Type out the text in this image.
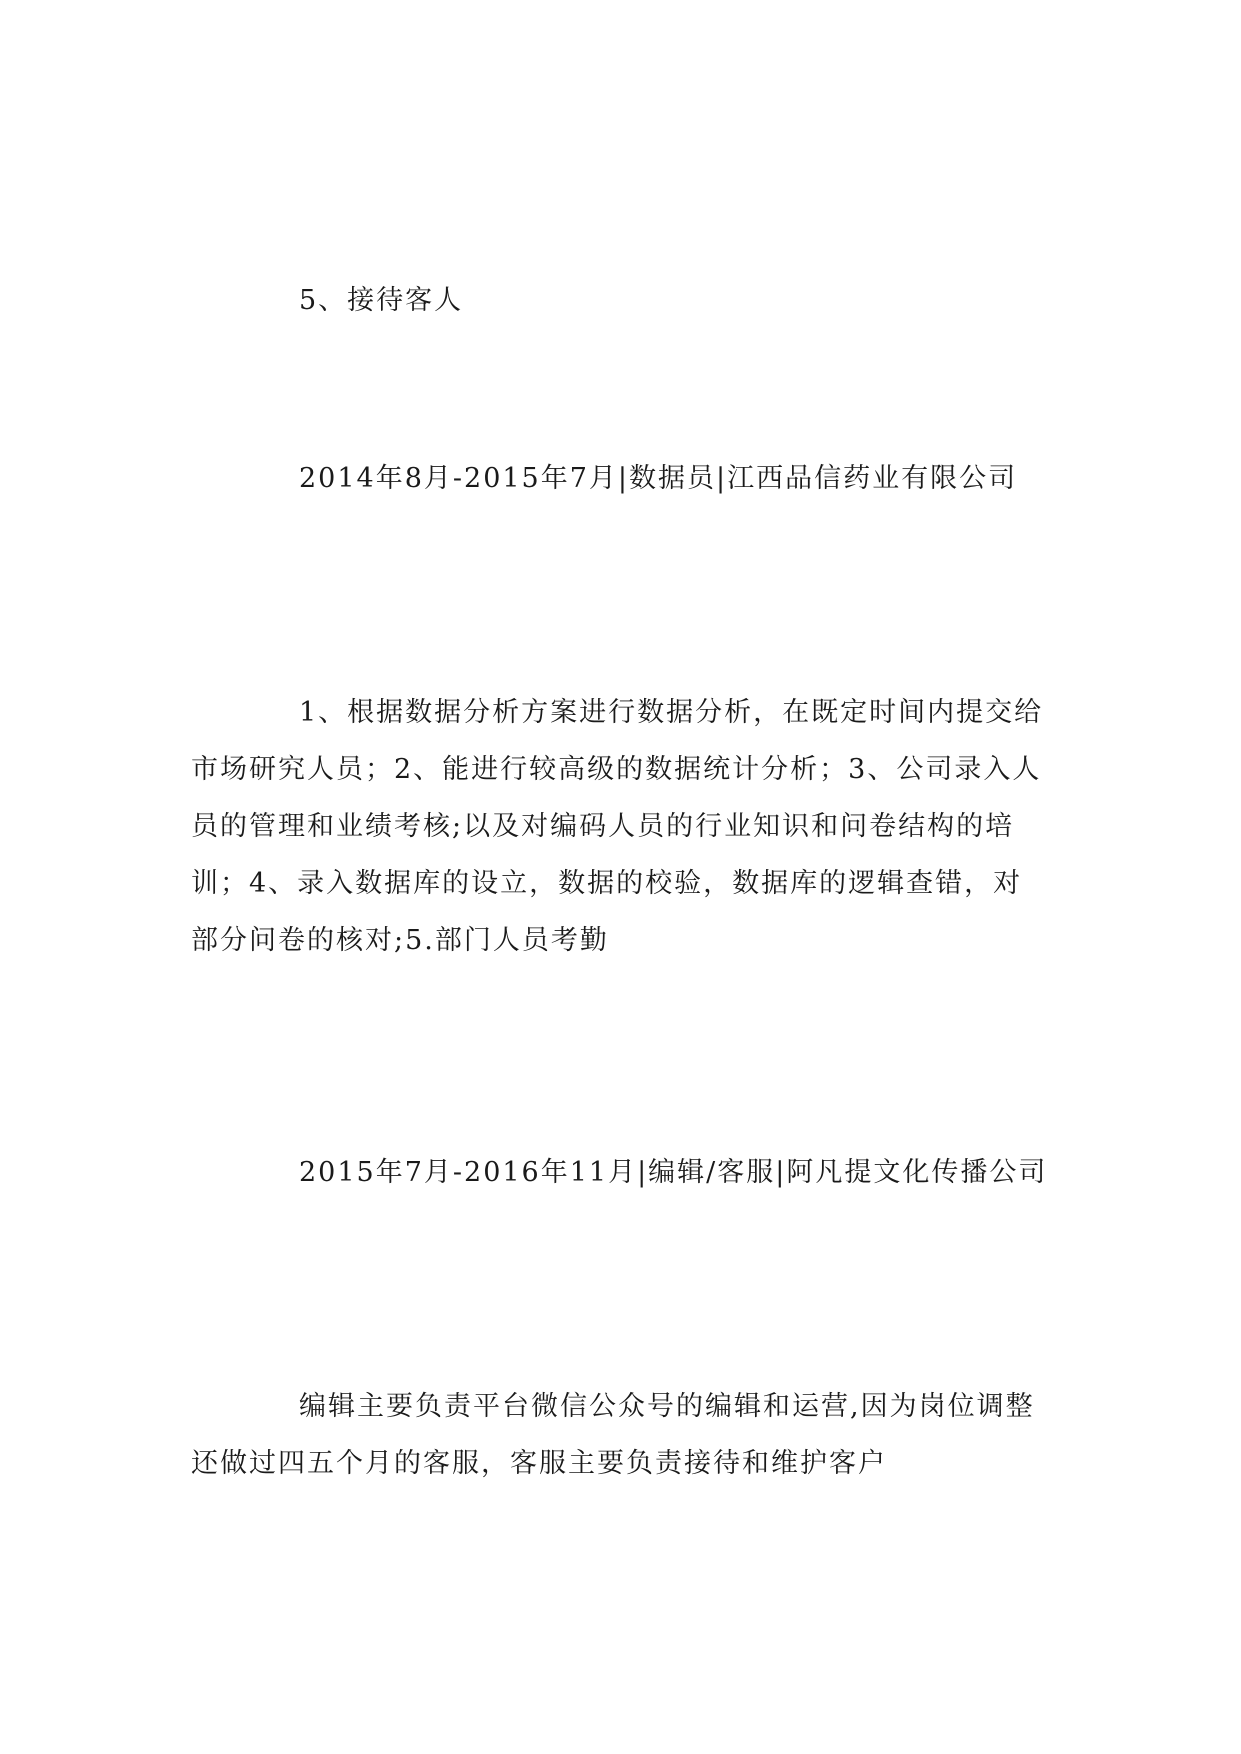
5、接待客人

2014年8月-2015年7月|数据员|江西品信药业有限公司

1、根据数据分析方案进行数据分析，在既定时间内提交给市场研究人员；2、能进行较高级的数据统计分析；3、公司录入人员的管理和业绩考核;以及对编码人员的行业知识和问卷结构的培训；4、录入数据库的设立，数据的校验，数据库的逻辑查错，对部分问卷的核对;5.部门人员考勤

2015年7月-2016年11月|编辑/客服|阿凡提文化传播公司

编辑主要负责平台微信公众号的编辑和运营,因为岗位调整还做过四五个月的客服，客服主要负责接待和维护客户
